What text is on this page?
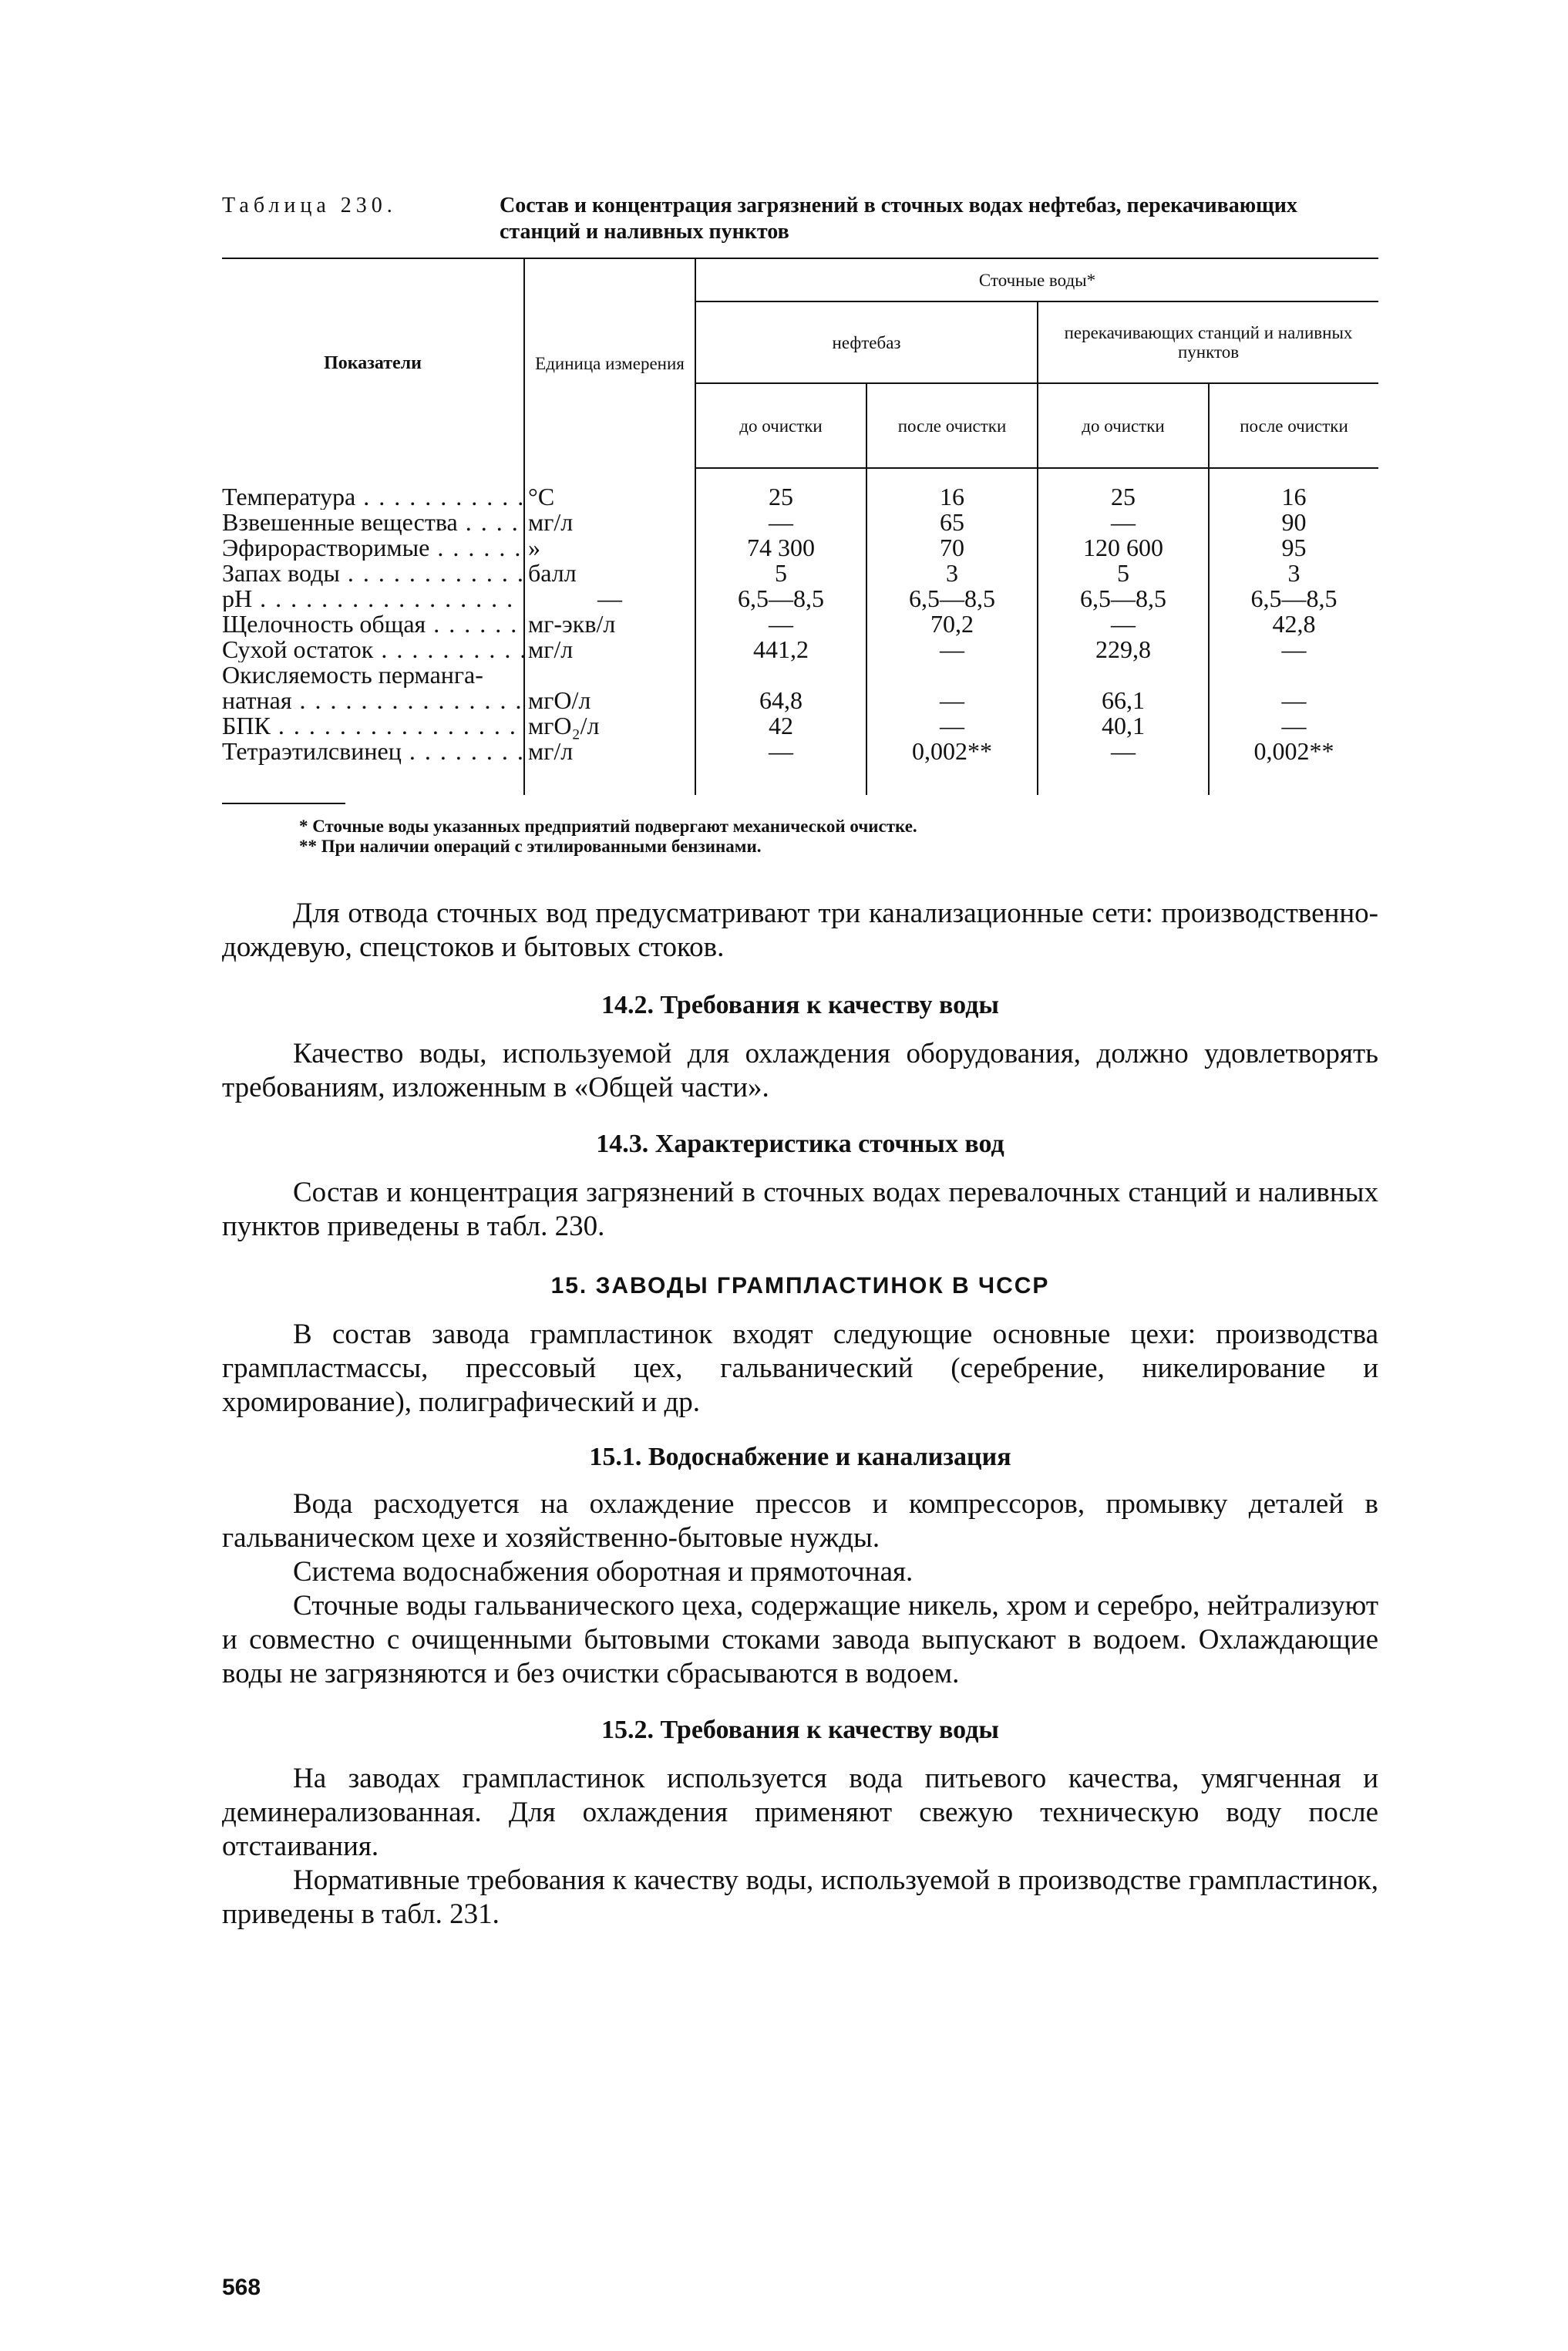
Таблица 230.	Состав и концентрация загрязнений в сточных водах нефтебаз, перекачивающих станций и наливных пунктов
Показатели	Единица измерения	Сточные воды*			
		нефтебаз		перекачивающих станций и наливных пунктов	
		до очистки	после очистки	до очистки	после очистки
Температура . . .	°С	25	16	25	16
Взвешенные вещества . . .	мг/л	—	65	—	90
Эфирорастворимые . . .	»	74 300	70	120 600	95
Запах воды . . .	балл	5	3	5	3
pH . . .	—	6,5—8,5	6,5—8,5	6,5—8,5	6,5—8,5
Щелочность общая . . .	мг-экв/л	—	70,2	—	42,8
Сухой остаток . . .	мг/л	441,2	—	229,8	—
Окисляемость перманга-					
натная . . .	мгО/л	64,8	—	66,1	—
БПК . . .	мгО₂/л	42	—	40,1	—
Тетраэтилсвинец . . .	мг/л	—	0,002**	—	0,002**
* Сточные воды указанных предприятий подвергают механической очистке.
** При наличии операций с этилированными бензинами.

Для отвода сточных вод предусматривают три канализационные сети: производственно-дождевую, спецстоков и бытовых стоков.

14.2. Требования к качеству воды

Качество воды, используемой для охлаждения оборудования, должно удовлетворять требованиям, изложенным в «Общей части».

14.3. Характеристика сточных вод

Состав и концентрация загрязнений в сточных водах перевалочных станций и наливных пунктов приведены в табл. 230.

15. ЗАВОДЫ ГРАМПЛАСТИНОК В ЧССР

В состав завода грампластинок входят следующие основные цехи: производства грампластмассы, прессовый цех, гальванический (серебрение, никелирование и хромирование), полиграфический и др.

15.1. Водоснабжение и канализация

Вода расходуется на охлаждение прессов и компрессоров, промывку деталей в гальваническом цехе и хозяйственно-бытовые нужды.

Система водоснабжения оборотная и прямоточная.

Сточные воды гальванического цеха, содержащие никель, хром и серебро, нейтрализуют и совместно с очищенными бытовыми стоками завода выпускают в водоем. Охлаждающие воды не загрязняются и без очистки сбрасываются в водоем.

15.2. Требования к качеству воды

На заводах грампластинок используется вода питьевого качества, умягченная и деминерализованная. Для охлаждения применяют свежую техническую воду после отстаивания.

Нормативные требования к качеству воды, используемой в производстве грампластинок, приведены в табл. 231.

568
